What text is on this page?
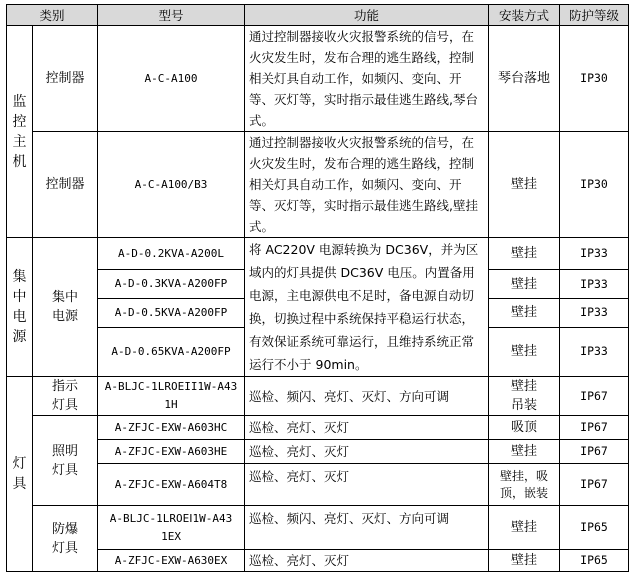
类别		型号	功能	安装方式	防护等级

监控主机	控制器	A-C-A100	通过控制器接收火灾报警系统的信号，在火灾发生时，发布合理的逃生路线，控制相关灯具自动工作，如频闪、变向、开等、灭灯等，实时指示最佳逃生路线,琴台式。	琴台落地	IP30
	控制器	A-C-A100/B3	通过控制器接收火灾报警系统的信号，在火灾发生时，发布合理的逃生路线，控制相关灯具自动工作，如频闪、变向、开等、灭灯等，实时指示最佳逃生路线,壁挂式。	壁挂	IP30

集中电源	集中电源	A-D-0.2KVA-A200L	将 AC220V 电源转换为 DC36V，并为区域内的灯具提供 DC36V 电压。内置备用电源，主电源供电不足时，备电源自动切换，切换过程中系统保持平稳运行状态，有效保证系统可靠运行，且维持系统正常运行不小于 90min。	壁挂	IP33
		A-D-0.3KVA-A200FP		壁挂	IP33
		A-D-0.5KVA-A200FP		壁挂	IP33
		A-D-0.65KVA-A200FP		壁挂	IP33

灯具	指示灯具	A-BLJC-1LROEII1W-A431H	巡检、频闪、亮灯、灭灯、方向可调	壁挂吊装	IP67

	照明灯具	A-ZFJC-EXW-A603HC	巡检、亮灯、灭灯	吸顶	IP67
		A-ZFJC-EXW-A603HE	巡检、亮灯、灭灯	壁挂	IP67
		A-ZFJC-EXW-A604T8	巡检、亮灯、灭灯	壁挂，吸顶，嵌装	IP67

	防爆灯具	A-BLJC-1LROEⅠ1W-A431EX	巡检、频闪、亮灯、灭灯、方向可调	壁挂	IP65
		A-ZFJC-EXW-A630EX	巡检、亮灯、灭灯	壁挂	IP65
